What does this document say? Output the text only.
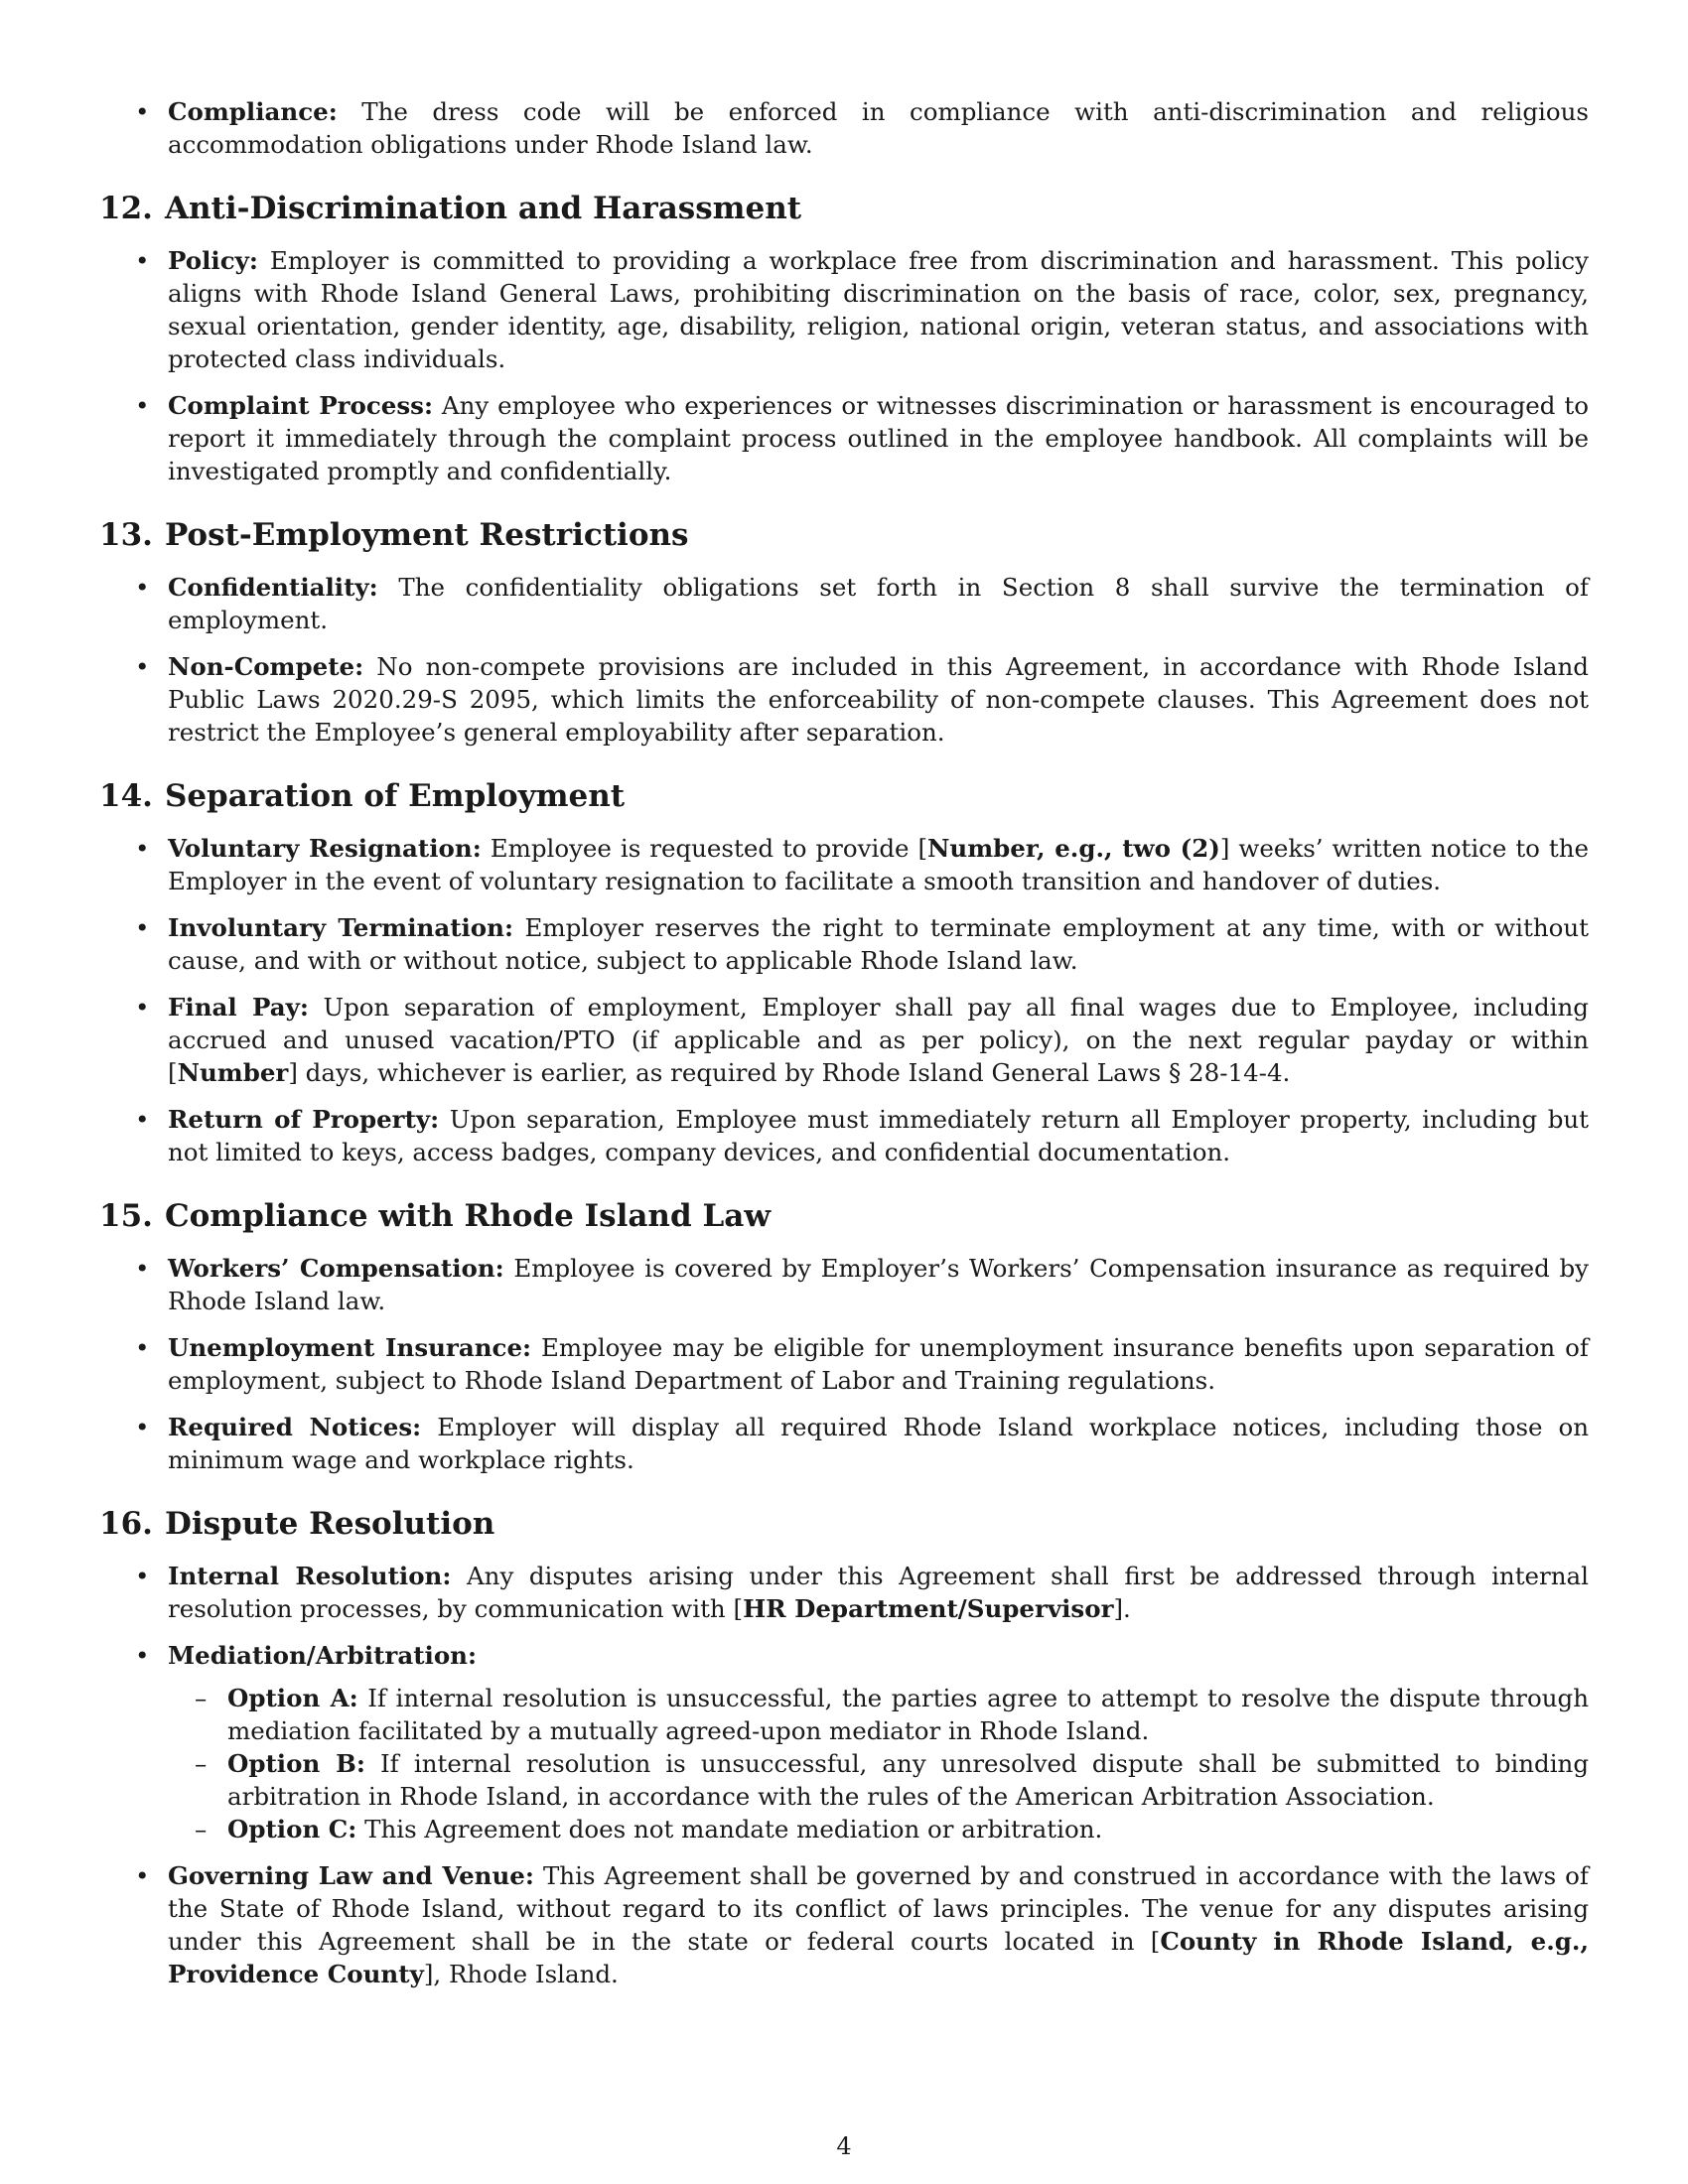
• Compliance: The dress code will be enforced in compliance with anti-discrimination and religious accommodation obligations under Rhode Island law.
12. Anti-Discrimination and Harassment
• Policy: Employer is committed to providing a workplace free from discrimination and harassment. This policy aligns with Rhode Island General Laws, prohibiting discrimination on the basis of race, color, sex, pregnancy, sexual orientation, gender identity, age, disability, religion, national origin, veteran status, and associations with protected class individuals.
• Complaint Process: Any employee who experiences or witnesses discrimination or harassment is encouraged to report it immediately through the complaint process outlined in the employee handbook. All complaints will be investigated promptly and confidentially.
13. Post-Employment Restrictions
• Confidentiality: The confidentiality obligations set forth in Section 8 shall survive the termination of employment.
• Non-Compete: No non-compete provisions are included in this Agreement, in accordance with Rhode Island Public Laws 2020.29-S 2095, which limits the enforceability of non-compete clauses. This Agreement does not restrict the Employee’s general employability after separation.
14. Separation of Employment
• Voluntary Resignation: Employee is requested to provide [Number, e.g., two (2)] weeks’ written notice to the Employer in the event of voluntary resignation to facilitate a smooth transition and handover of duties.
• Involuntary Termination: Employer reserves the right to terminate employment at any time, with or without cause, and with or without notice, subject to applicable Rhode Island law.
• Final Pay: Upon separation of employment, Employer shall pay all final wages due to Employee, including accrued and unused vacation/PTO (if applicable and as per policy), on the next regular payday or within [Number] days, whichever is earlier, as required by Rhode Island General Laws § 28-14-4.
• Return of Property: Upon separation, Employee must immediately return all Employer property, including but not limited to keys, access badges, company devices, and confidential documentation.
15. Compliance with Rhode Island Law
• Workers’ Compensation: Employee is covered by Employer’s Workers’ Compensation insurance as required by Rhode Island law.
• Unemployment Insurance: Employee may be eligible for unemployment insurance benefits upon separation of employment, subject to Rhode Island Department of Labor and Training regulations.
• Required Notices: Employer will display all required Rhode Island workplace notices, including those on minimum wage and workplace rights.
16. Dispute Resolution
• Internal Resolution: Any disputes arising under this Agreement shall first be addressed through internal resolution processes, by communication with [HR Department/Supervisor].
• Mediation/Arbitration:
– Option A: If internal resolution is unsuccessful, the parties agree to attempt to resolve the dispute through mediation facilitated by a mutually agreed-upon mediator in Rhode Island.
– Option B: If internal resolution is unsuccessful, any unresolved dispute shall be submitted to binding arbitration in Rhode Island, in accordance with the rules of the American Arbitration Association.
– Option C: This Agreement does not mandate mediation or arbitration.
• Governing Law and Venue: This Agreement shall be governed by and construed in accordance with the laws of the State of Rhode Island, without regard to its conflict of laws principles. The venue for any disputes arising under this Agreement shall be in the state or federal courts located in [County in Rhode Island, e.g., Providence County], Rhode Island.
4
